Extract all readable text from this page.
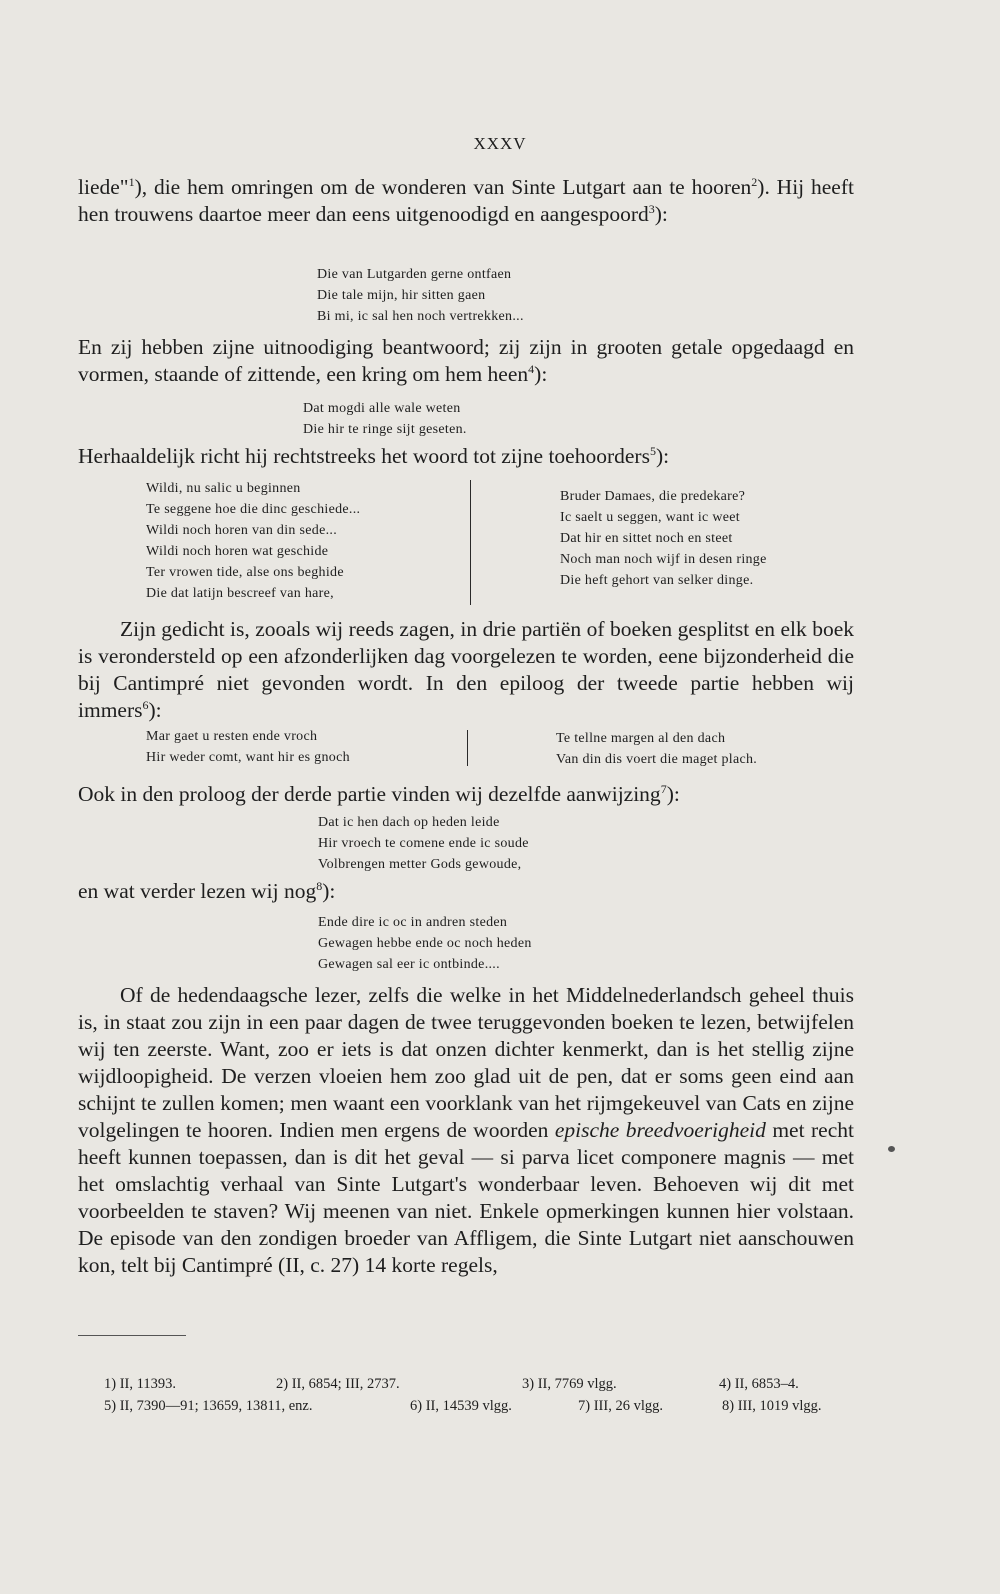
XXXV
liede"$^1$), die hem omringen om de wonderen van Sinte Lutgart aan te hooren$^2$). Hij heeft hen trouwens daartoe meer dan eens uitgenoodigd en aangespoord$^3$):
Die van Lutgarden gerne ontfaen
Die tale mijn, hir sitten gaen
Bi mi, ic sal hen noch vertrekken...
En zij hebben zijne uitnoodiging beantwoord; zij zijn in grooten getale opgedaagd en vormen, staande of zittende, een kring om hem heen$^4$):
Dat mogdi alle wale weten
Die hir te ringe sijt geseten.
Herhaaldelijk richt hij rechtstreeks het woord tot zijne toehoorders$^5$):
Wildi, nu salic u beginnen
Te seggene hoe die dinc geschiede...
Wildi noch horen van din sede...
Wildi noch horen wat geschide
Ter vrowen tide, alse ons beghide
Die dat latijn bescreef van hare,
Bruder Damaes, die predekare?
Ic saelt u seggen, want ic weet
Dat hir en sittet noch en steet
Noch man noch wijf in desen ringe
Die heft gehort van selker dinge.
Zijn gedicht is, zooals wij reeds zagen, in drie partiën of boeken gesplitst en elk boek is verondersteld op een afzonderlijken dag voorgelezen te worden, eene bijzonderheid die bij Cantimpré niet gevonden wordt. In den epiloog der tweede partie hebben wij immers$^6$):
Mar gaet u resten ende vroch
Hir weder comt, want hir es gnoch
Te tellne margen al den dach
Van din dis voert die maget plach.
Ook in den proloog der derde partie vinden wij dezelfde aanwijzing$^7$):
Dat ic hen dach op heden leide
Hir vroech te comene ende ic soude
Volbrengen metter Gods gewoude,
en wat verder lezen wij nog$^8$):
Ende dire ic oc in andren steden
Gewagen hebbe ende oc noch heden
Gewagen sal eer ic ontbinde....
Of de hedendaagsche lezer, zelfs die welke in het Middelnederlandsch geheel thuis is, in staat zou zijn in een paar dagen de twee teruggevonden boeken te lezen, betwijfelen wij ten zeerste. Want, zoo er iets is dat onzen dichter kenmerkt, dan is het stellig zijne wijdloopigheid. De verzen vloeien hem zoo glad uit de pen, dat er soms geen eind aan schijnt te zullen komen; men waant een voorklank van het rijmgekeuvel van Cats en zijne volgelingen te hooren. Indien men ergens de woorden epische breedvoerigheid met recht heeft kunnen toepassen, dan is dit het geval — si parva licet componere magnis — met het omslachtig verhaal van Sinte Lutgart's wonderbaar leven. Behoeven wij dit met voorbeelden te staven? Wij meenen van niet. Enkele opmerkingen kunnen hier volstaan. De episode van den zondigen broeder van Affligem, die Sinte Lutgart niet aanschouwen kon, telt bij Cantimpré (II, c. 27) 14 korte regels,
1) II, 11393.	2) II, 6854; III, 2737.	3) II, 7769 vlgg.	4) II, 6853–4.
5) II, 7390—91; 13659, 13811, enz.	6) II, 14539 vlgg.	7) III, 26 vlgg.	8) III, 1019 vlgg.
